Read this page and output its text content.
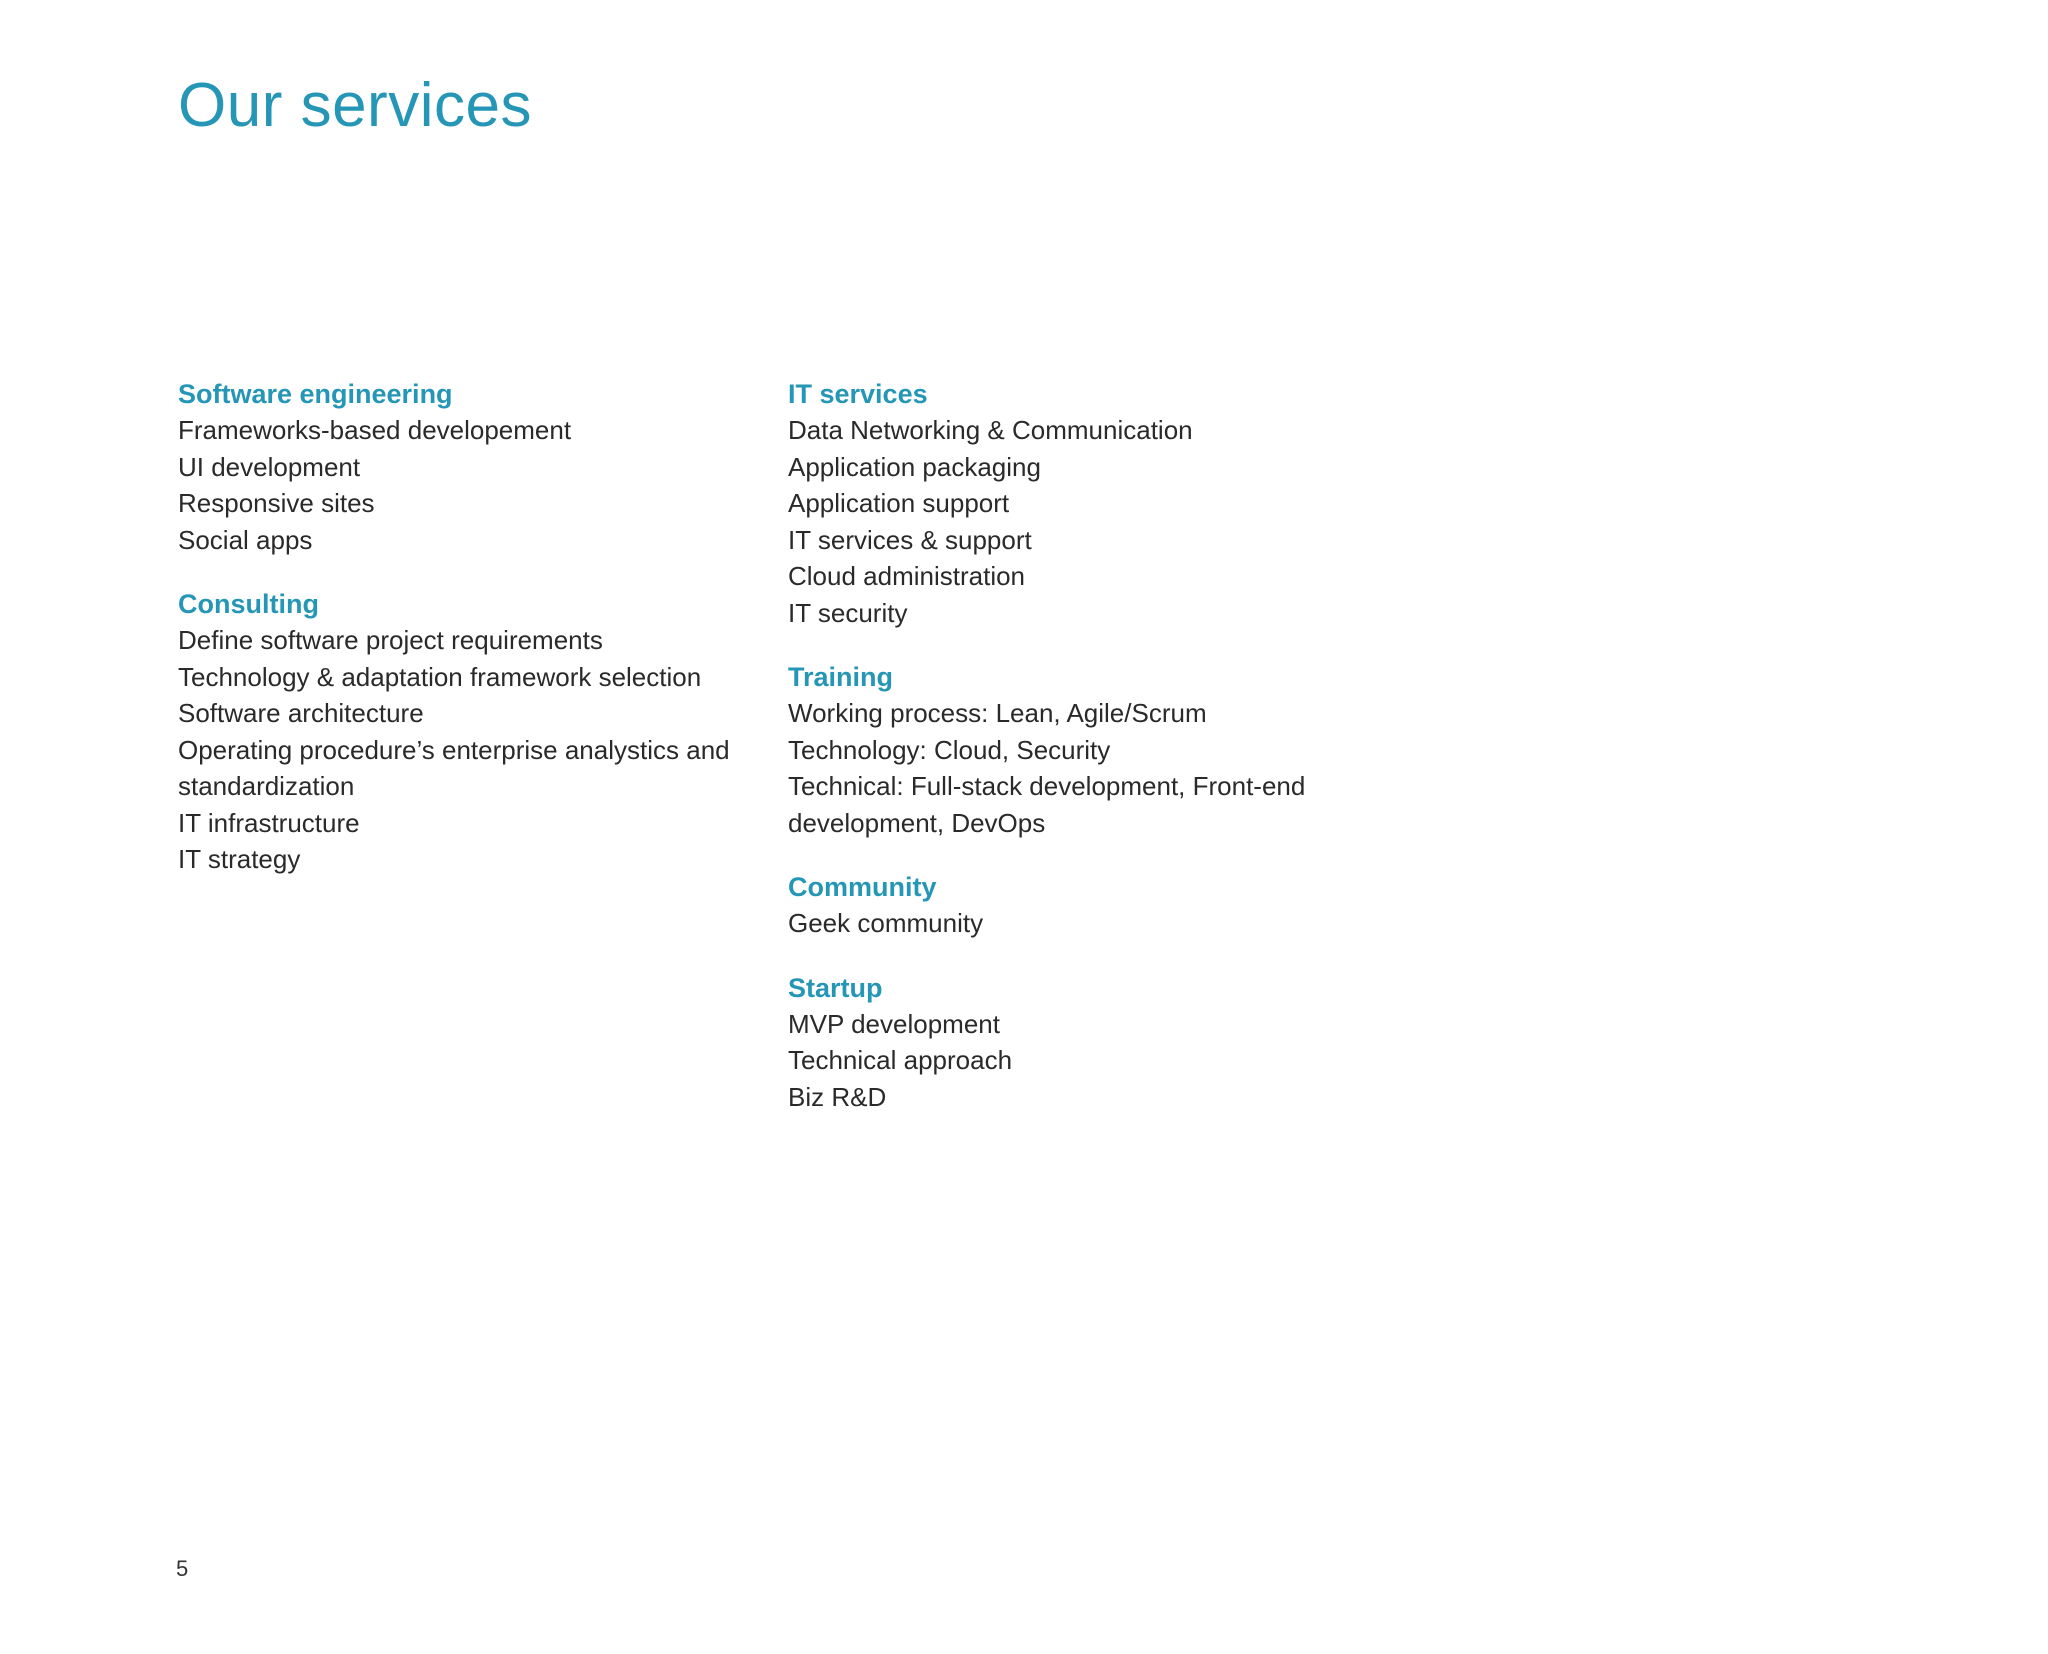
Our services
Software engineering
Frameworks-based developement
UI development
Responsive sites
Social apps
Consulting
Define software project requirements
Technology & adaptation framework selection
Software architecture
Operating procedure’s enterprise analystics and standardization
IT infrastructure
IT strategy
IT services
Data Networking & Communication
Application packaging
Application support
IT services & support
Cloud administration
IT security
Training
Working process: Lean, Agile/Scrum
Technology: Cloud, Security
Technical: Full-stack development, Front-end development, DevOps
Community
Geek community
Startup
MVP development
Technical approach
Biz R&D
5
